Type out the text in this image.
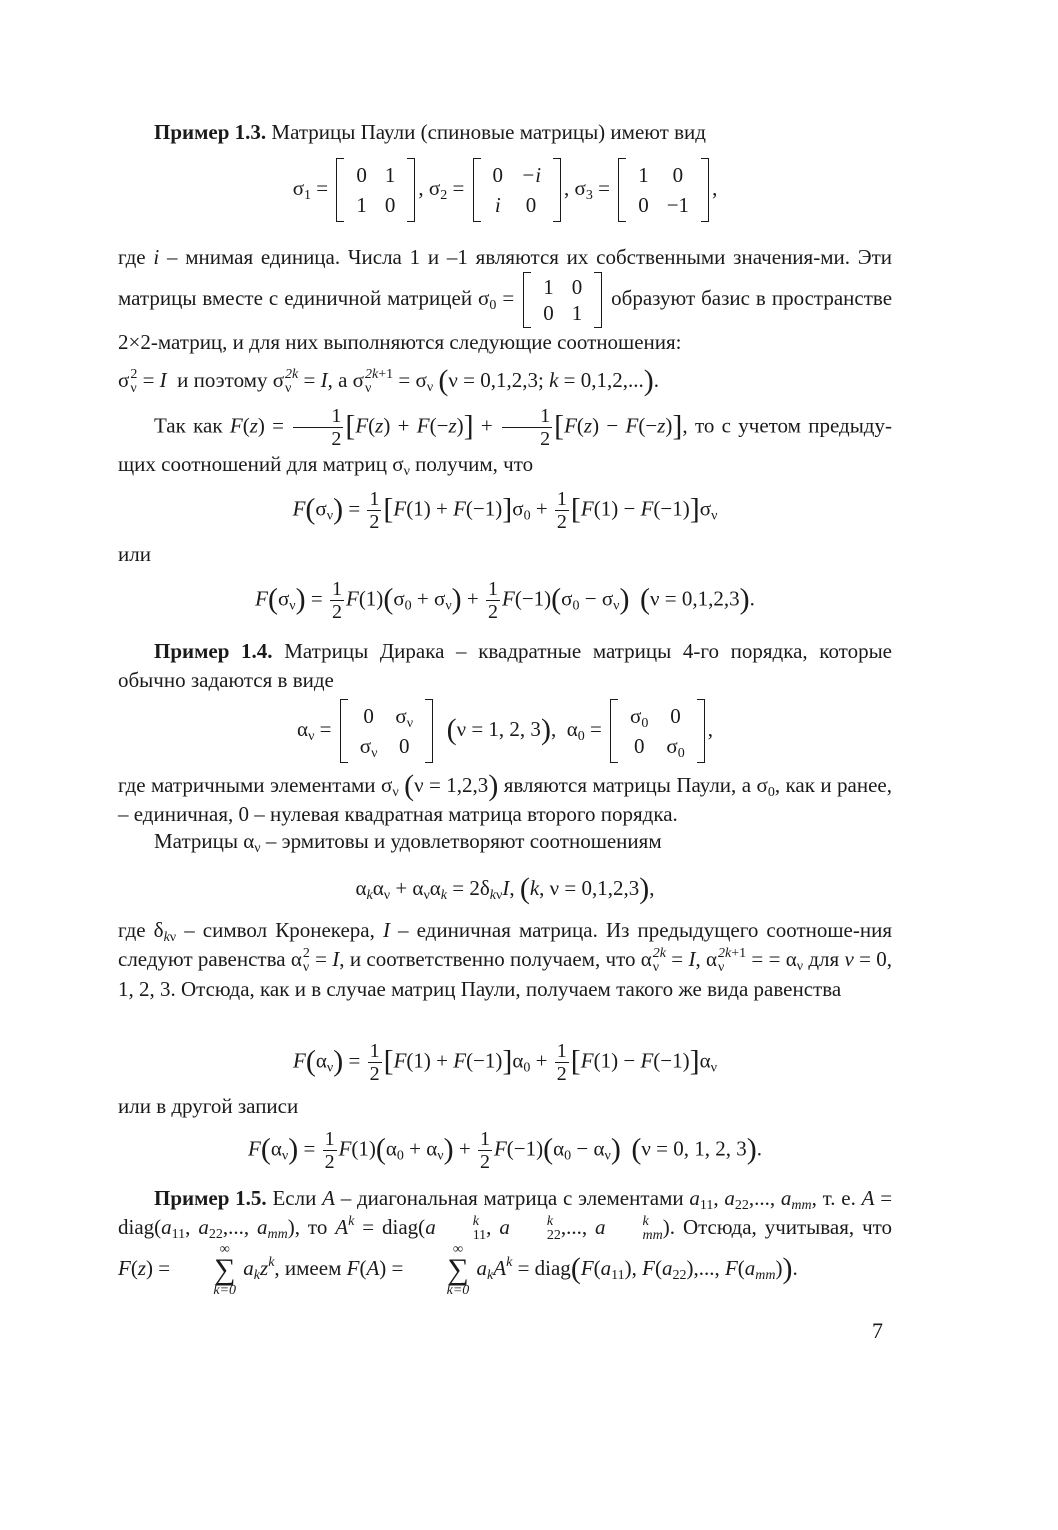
Пример 1.3. Матрицы Паули (спиновые матрицы) имеют вид

$\sigma_1$ =
0	1
1	0
, $\sigma_2$ =
0	−i
i	0
, $\sigma_3$ =
1	0
0	−1
,
где i – мнимая единица. Числа 1 и –1 являются их собственными значения-ми. Эти матрицы вместе с единичной матрицей $\sigma_0 = 1$	0
0	1
образуют базис в пространстве 2×2-матриц, и для них выполняются следующие соотношения:
σ 2
ν = I и поэтому σ 2k
ν = I, а σ 2k+1
ν	= $\sigma_\nu$ (ν = 0,1,2,3; k = 0,1,2,...).
Так как $F(z) = \frac{1}{2} [F(z) + F(-z)] + \frac{1}{2} [F(z) - F(-z)]$, то с учетом предыду-щих соотношений для матриц $\sigma_\nu$ получим, что
$F(\sigma_\nu) = \frac{1}{2} [F(1) + F(-1)]\sigma_0 + \frac{1}{2} [F(1) - F(-1)]\sigma_\nu$
или
$F(\sigma_\nu) = \frac{1}{2} F(1)(\sigma_0 + \sigma_\nu) + \frac{1}{2} F(-1)(\sigma_0 - \sigma_\nu) (\nu = 0,1,2,3)$.

Пример 1.4. Матрицы Дирака – квадратные матрицы 4-го порядка, которые обычно задаются в виде

$\alpha_\nu$ =
0	$\sigma_\nu$
$\sigma_\nu$	0
(ν = 1, 2, 3),  $\alpha_0$ =
$\sigma_0$	0
0	$\sigma_0$
,
где матричными элементами $\sigma_\nu$ (ν = 1,2,3) являются матрицы Паули, а $\sigma_0$, как и ранее, – единичная, 0 – нулевая квадратная матрица второго порядка.
Матрицы $\alpha_\nu$ – эрмитовы и удовлетворяют соотношениям
$\alpha_k\alpha_\nu + \alpha_\nu\alpha_k = 2\delta_{k\nu}I$, (k, ν = 0,1,2,3),
где $\delta_{k\nu}$ – символ Кронекера, I – единичная матрица. Из предыдущего соотноше-ния следуют равенства α 2
ν = I, и соответственно получаем, что α 2k
ν = I, α 2k+1
ν	= = $\alpha_\nu$ для v = 0, 1, 2, 3. Отсюда, как и в случае матриц Паули, получаем такого же вида равенства
$F(\alpha_\nu) = \frac{1}{2} [F(1) + F(-1)]\alpha_0 + \frac{1}{2} [F(1) - F(-1)]\alpha_\nu$
или в другой записи
$F(\alpha_\nu) = \frac{1}{2} F(1)(\alpha_0 + \alpha_\nu) + \frac{1}{2} F(-1)(\alpha_0 - \alpha_\nu) (\nu = 0$, 1, 2, 3).
Пример 1.5. Если A – диагональная матрица с элементами $a_{11}$, $a_{22}$,..., $a_{mm}$, т. е. $A = diag(a_{11}$, $a_{22}$,..., $a_{mm}$), то $A^k$ = diag(a	k
11 , a	k
22 ,..., a	k
mm ). Отсюда, учитывая, что F(z) =
∞
∑
k=0
$a_kz^k$, имеем F(A) =
∞
∑
k=0
$a_kA^k$ = $diag(F(a_{11})$, $F(a_{22})$,..., $F(a_{mm})$).
7
